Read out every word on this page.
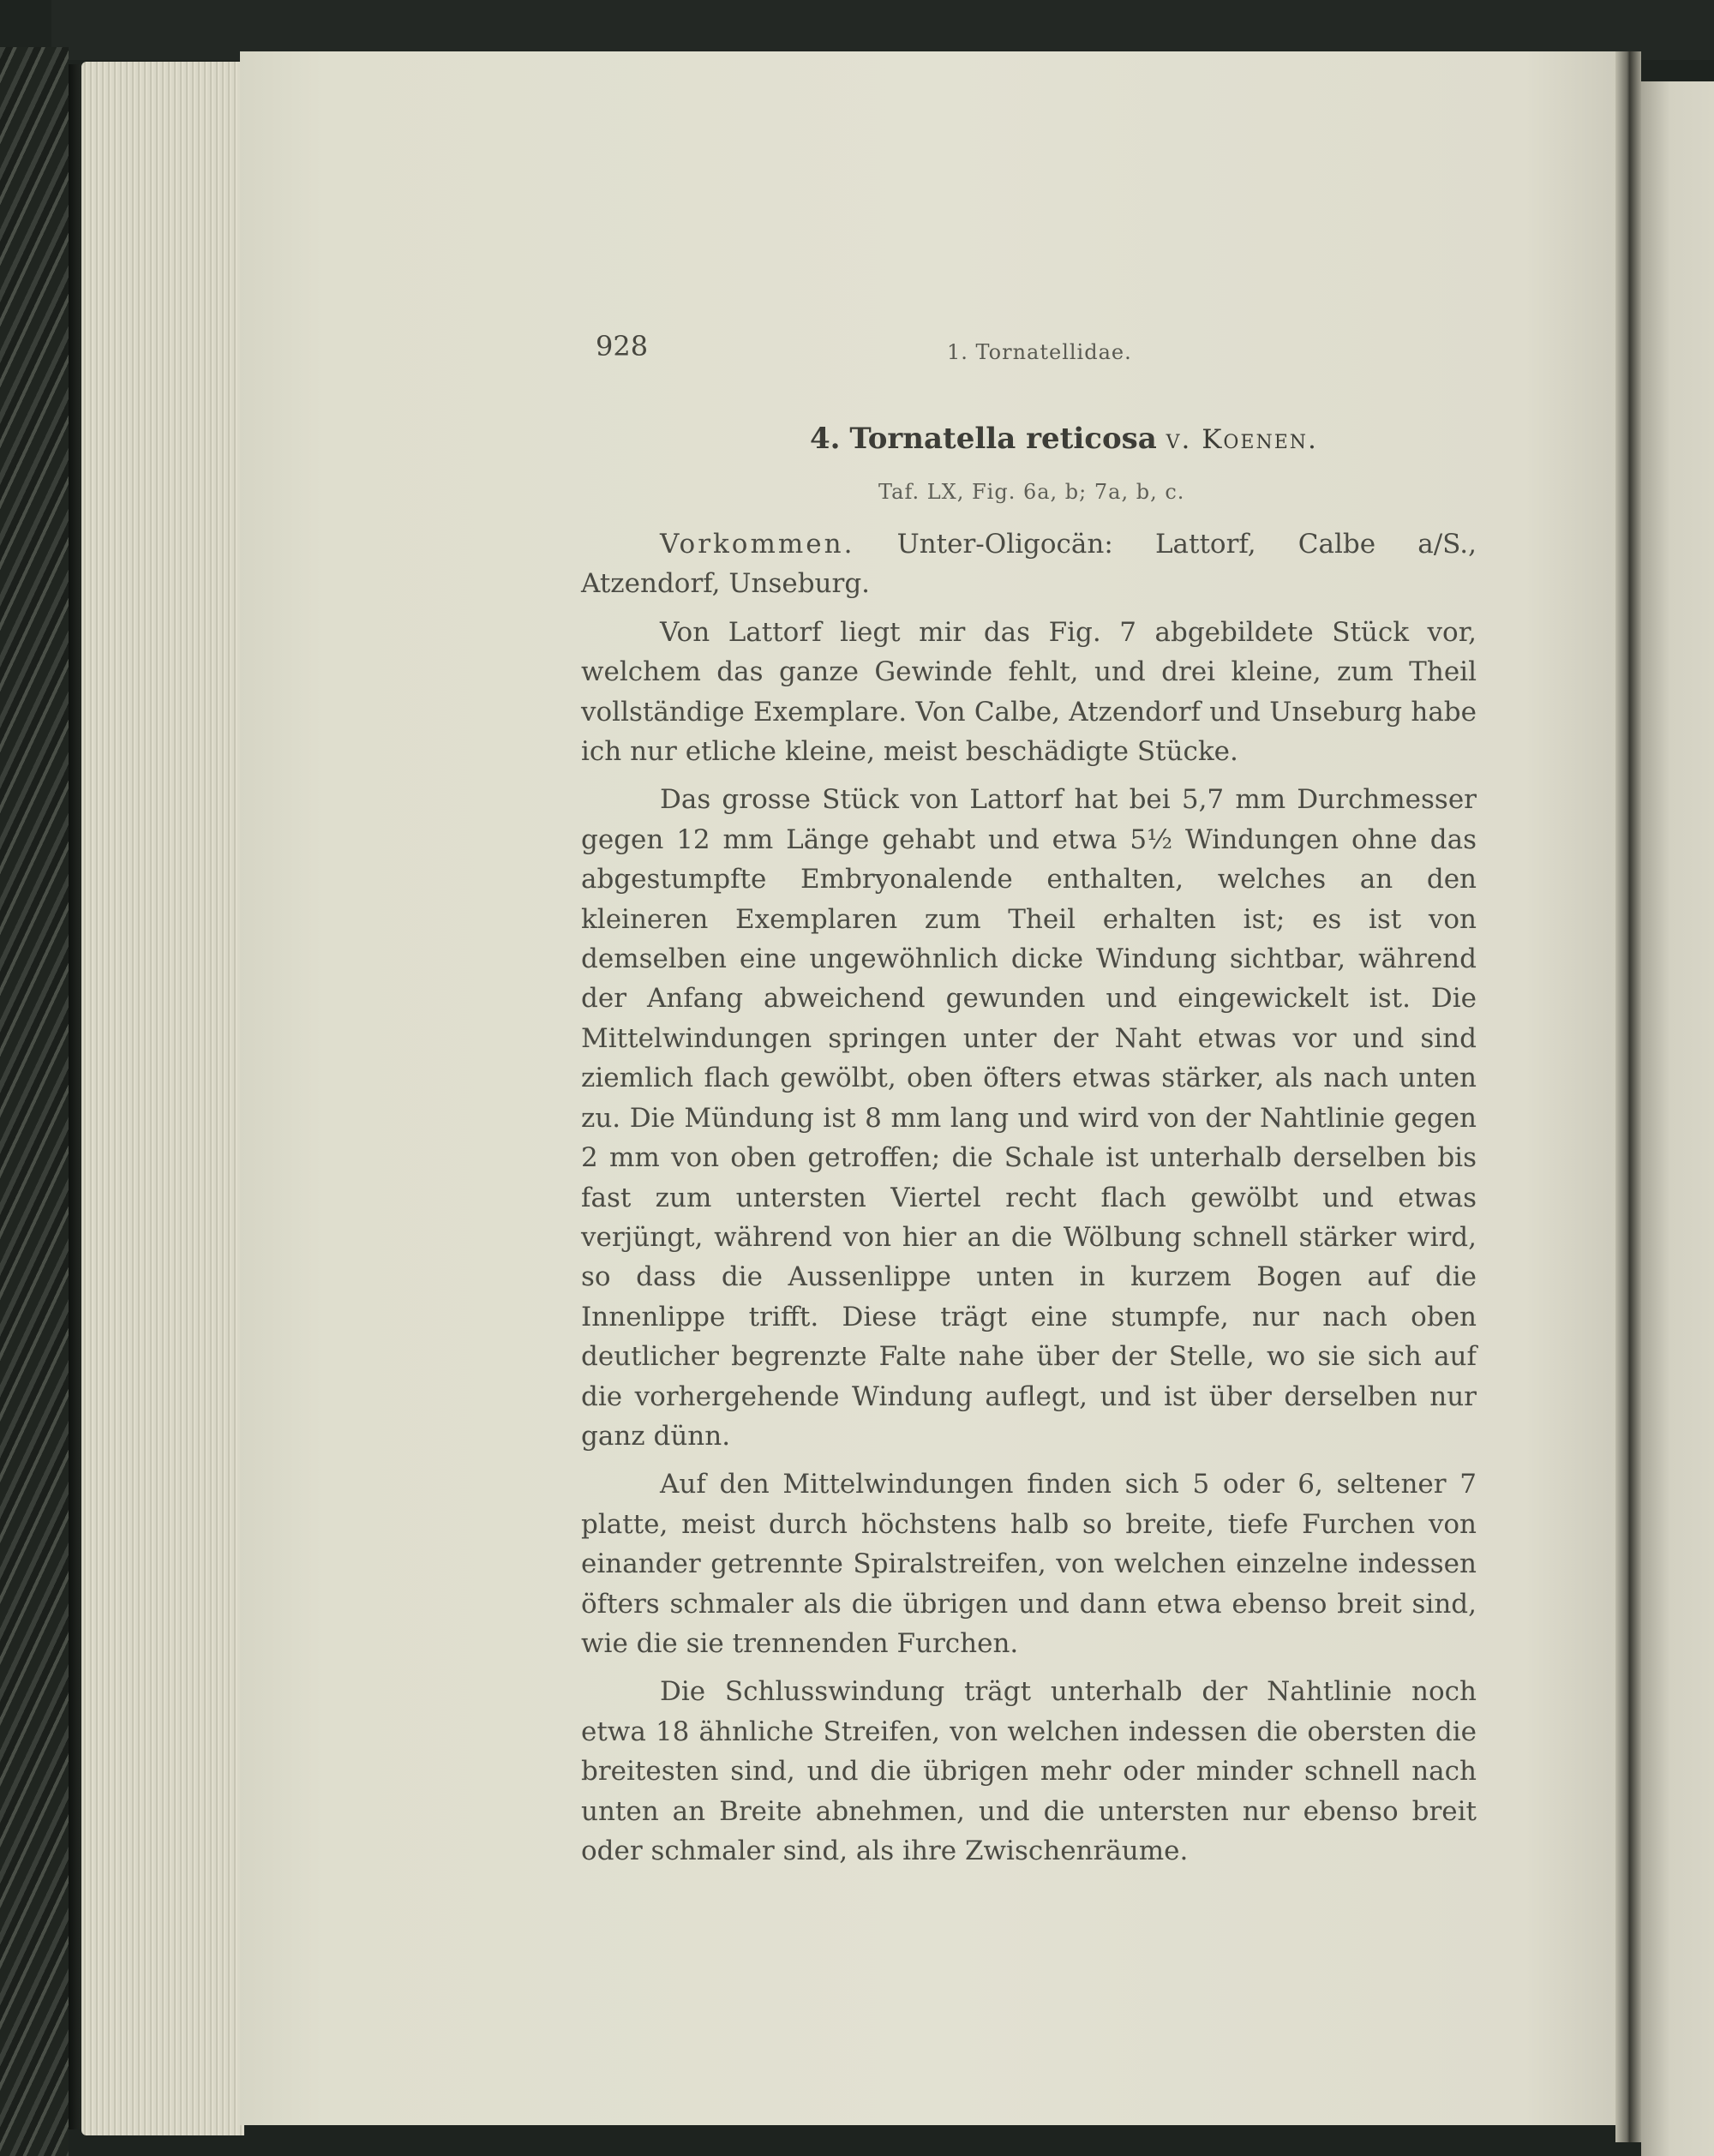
928	1. Tornatellidae.
4. Tornatella reticosa v. Koenen.
Taf. LX, Fig. 6a, b; 7a, b, c.

Vorkommen. Unter-Oligocän: Lattorf, Calbe a/S., Atzendorf, Unseburg.

Von Lattorf liegt mir das Fig. 7 abgebildete Stück vor, welchem das ganze Gewinde fehlt, und drei kleine, zum Theil vollständige Exemplare. Von Calbe, Atzendorf und Unseburg habe ich nur etliche kleine, meist beschädigte Stücke.

Das grosse Stück von Lattorf hat bei 5,7 mm Durchmesser gegen 12 mm Länge gehabt und etwa 5½ Windungen ohne das abgestumpfte Embryonalende enthalten, welches an den kleineren Exemplaren zum Theil erhalten ist; es ist von demselben eine ungewöhnlich dicke Windung sichtbar, während der Anfang abweichend gewunden und eingewickelt ist. Die Mittelwindungen springen unter der Naht etwas vor und sind ziemlich flach gewölbt, oben öfters etwas stärker, als nach unten zu. Die Mündung ist 8 mm lang und wird von der Nahtlinie gegen 2 mm von oben getroffen; die Schale ist unterhalb derselben bis fast zum untersten Viertel recht flach gewölbt und etwas verjüngt, während von hier an die Wölbung schnell stärker wird, so dass die Aussenlippe unten in kurzem Bogen auf die Innenlippe trifft. Diese trägt eine stumpfe, nur nach oben deutlicher begrenzte Falte nahe über der Stelle, wo sie sich auf die vorhergehende Windung auflegt, und ist über derselben nur ganz dünn.

Auf den Mittelwindungen finden sich 5 oder 6, seltener 7 platte, meist durch höchstens halb so breite, tiefe Furchen von einander getrennte Spiralstreifen, von welchen einzelne indessen öfters schmaler als die übrigen und dann etwa ebenso breit sind, wie die sie trennenden Furchen.

Die Schlusswindung trägt unterhalb der Nahtlinie noch etwa 18 ähnliche Streifen, von welchen indessen die obersten die breitesten sind, und die übrigen mehr oder minder schnell nach unten an Breite abnehmen, und die untersten nur ebenso breit oder schmaler sind, als ihre Zwischenräume.
